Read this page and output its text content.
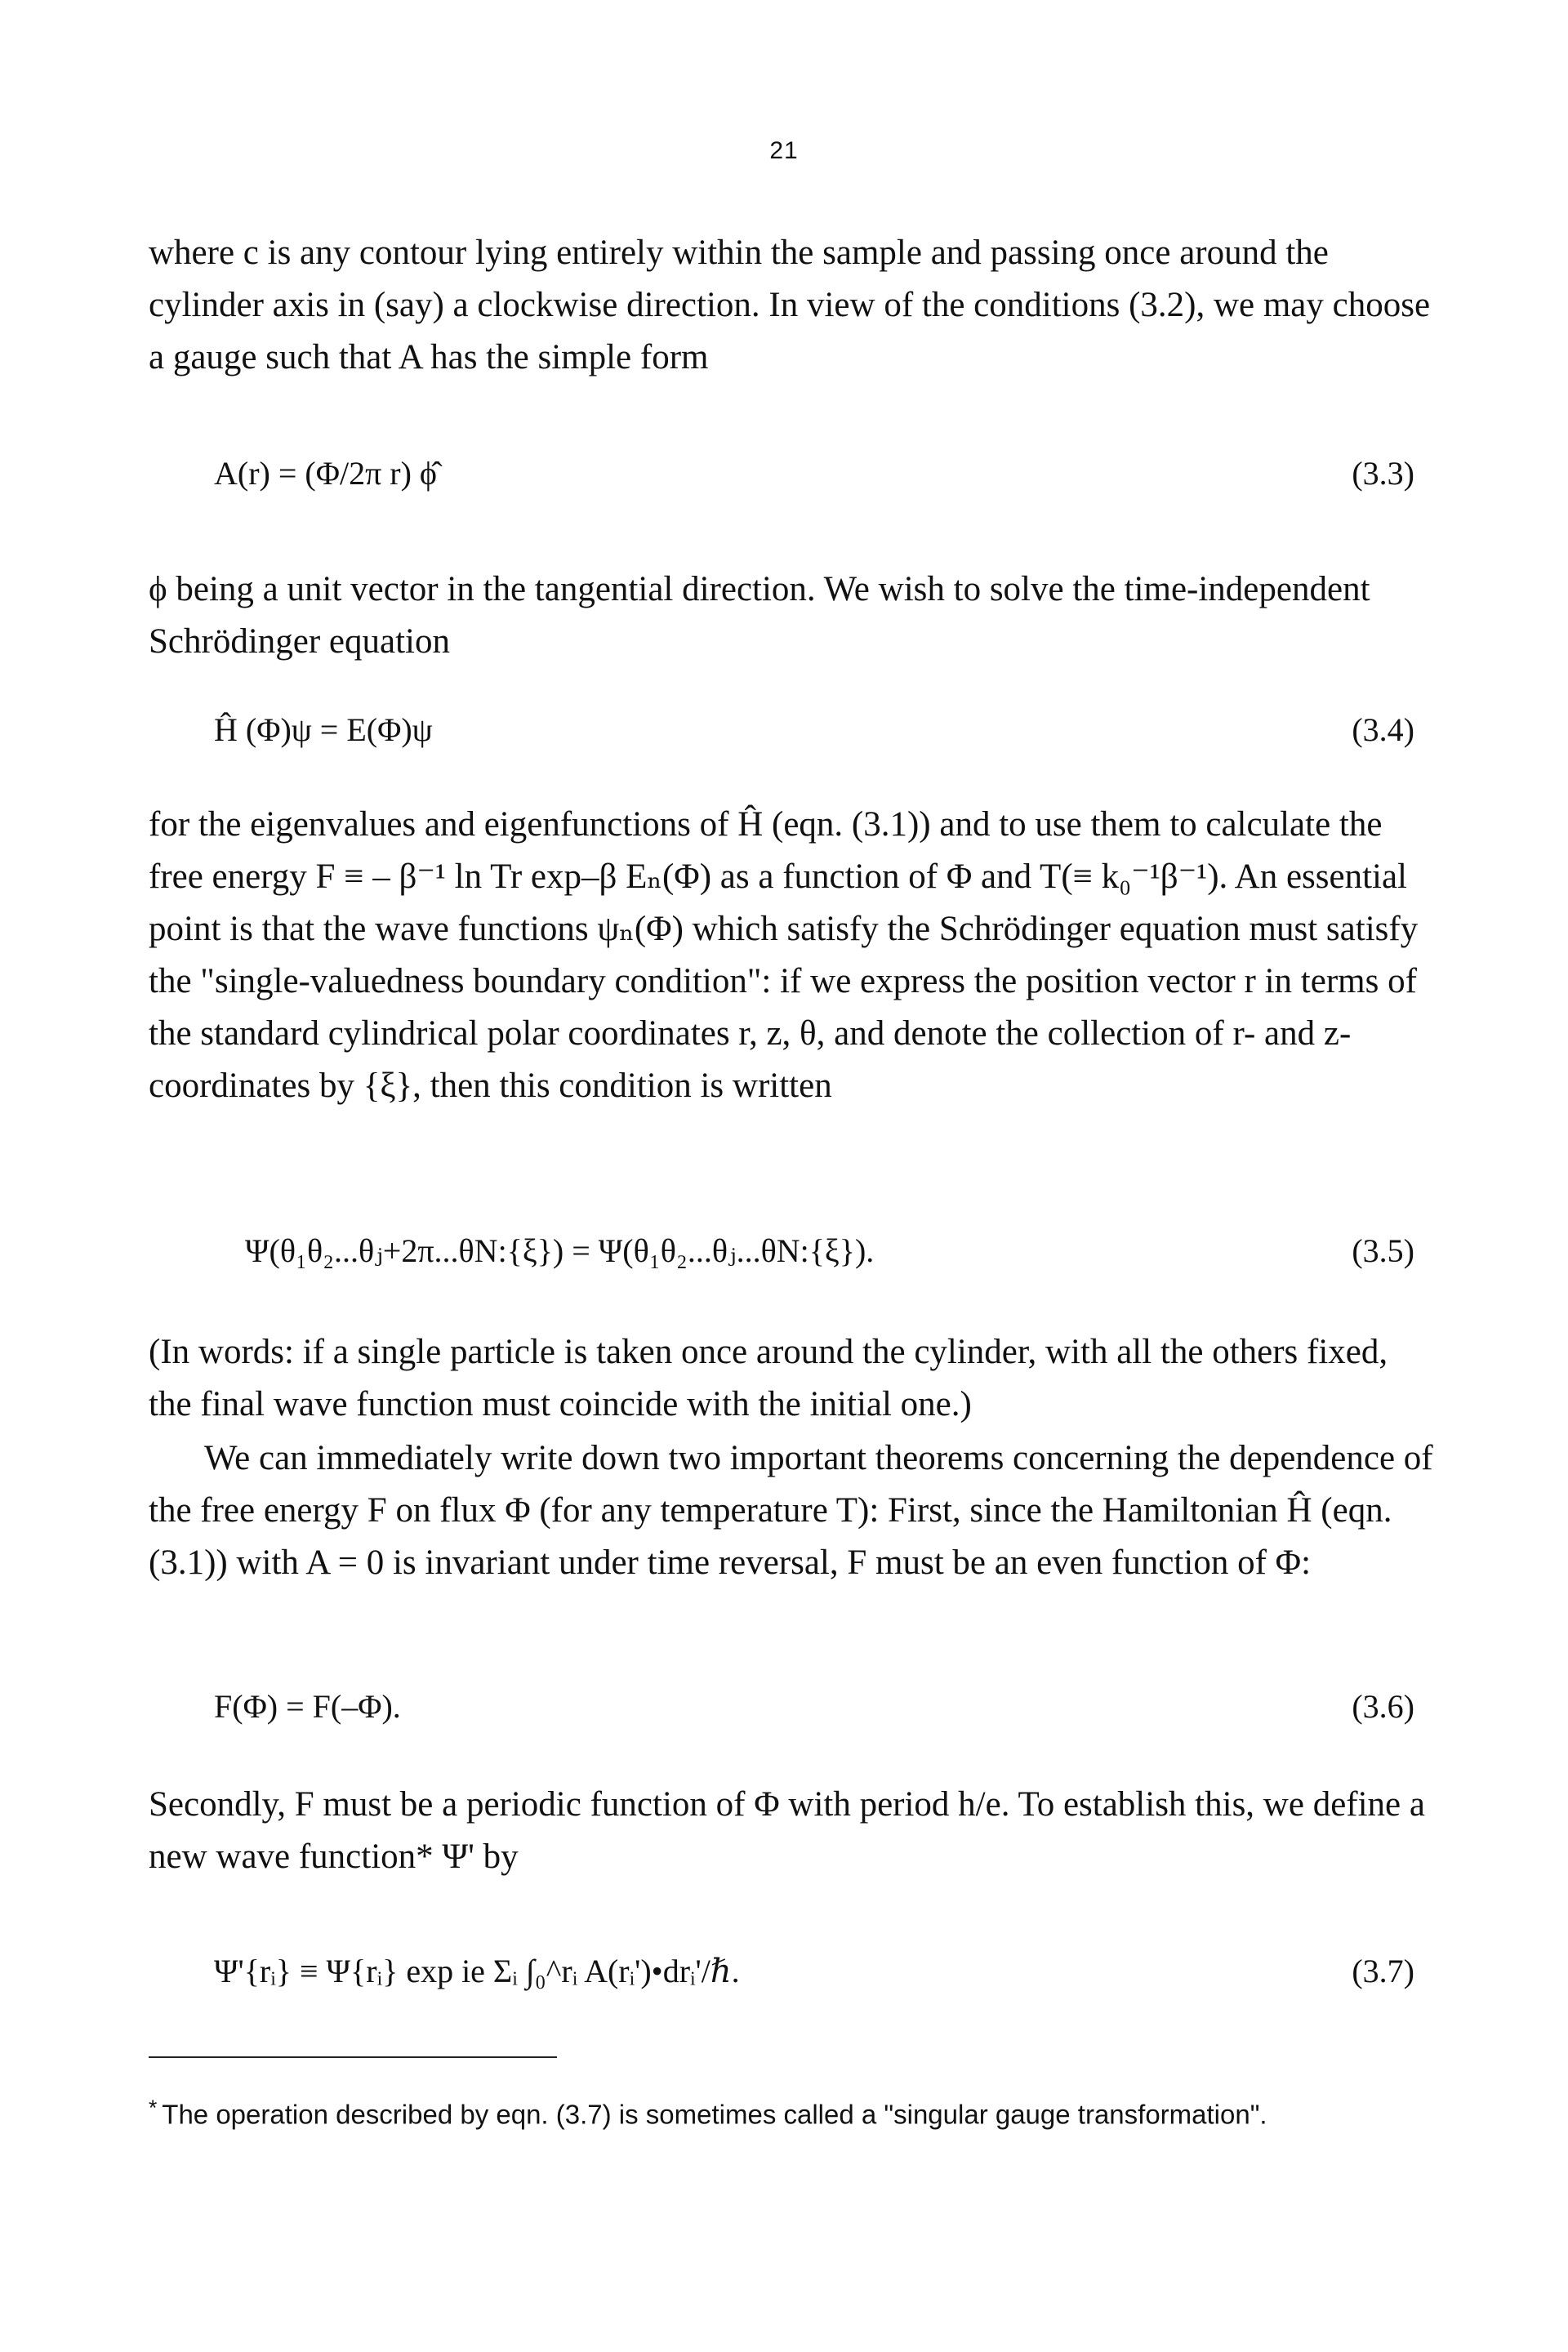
21

where c is any contour lying entirely within the sample and passing once around the cylinder axis in (say) a clockwise direction. In view of the conditions (3.2), we may choose a gauge such that A has the simple form

A(r) = (Φ/2π r) ϕ̂	(3.3)

ϕ being a unit vector in the tangential direction. We wish to solve the time-independent Schrödinger equation

Ĥ (Φ)ψ = E(Φ)ψ	(3.4)

for the eigenvalues and eigenfunctions of Ĥ (eqn. (3.1)) and to use them to calculate the free energy F ≡ – β⁻¹ ln Tr exp–β Eₙ(Φ) as a function of Φ and T(≡ k₀⁻¹β⁻¹). An essential point is that the wave functions ψₙ(Φ) which satisfy the Schrödinger equation must satisfy the "single-valuedness boundary condition": if we express the position vector r in terms of the standard cylindrical polar coordinates r, z, θ, and denote the collection of r- and z-coordinates by {ξ}, then this condition is written

Ψ(θ₁θ₂...θⱼ+2π...θN:{ξ}) = Ψ(θ₁θ₂...θⱼ...θN:{ξ}).	(3.5)

(In words: if a single particle is taken once around the cylinder, with all the others fixed, the final wave function must coincide with the initial one.)

We can immediately write down two important theorems concerning the dependence of the free energy F on flux Φ (for any temperature T): First, since the Hamiltonian Ĥ (eqn. (3.1)) with A = 0 is invariant under time reversal, F must be an even function of Φ:

F(Φ) = F(–Φ).	(3.6)

Secondly, F must be a periodic function of Φ with period h/e. To establish this, we define a new wave function* Ψ' by

Ψ'{rᵢ} ≡ Ψ{rᵢ} exp ie Σᵢ ∫₀^rᵢ A(rᵢ')•drᵢ'/ℏ.	(3.7)

* The operation described by eqn. (3.7) is sometimes called a "singular gauge transformation".
